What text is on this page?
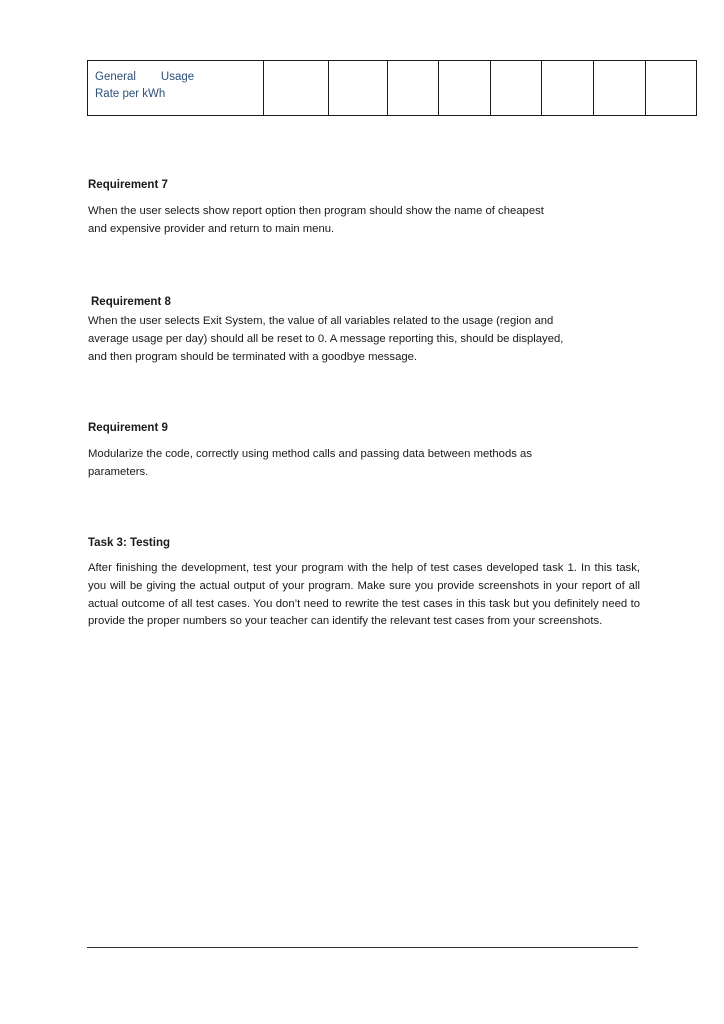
General Usage
Rate per kWh

Requirement 7

When the user selects show report option then program should show the name of cheapest and expensive provider and return to main menu.

Requirement 8

When the user selects Exit System, the value of all variables related to the usage (region and average usage per day) should all be reset to 0. A message reporting this, should be displayed, and then program should be terminated with a goodbye message.

Requirement 9

Modularize the code, correctly using method calls and passing data between methods as parameters.

Task 3: Testing

After finishing the development, test your program with the help of test cases developed task 1. In this task, you will be giving the actual output of your program. Make sure you provide screenshots in your report of all actual outcome of all test cases. You don’t need to rewrite the test cases in this task but you definitely need to provide the proper numbers so your teacher can identify the relevant test cases from your screenshots.
